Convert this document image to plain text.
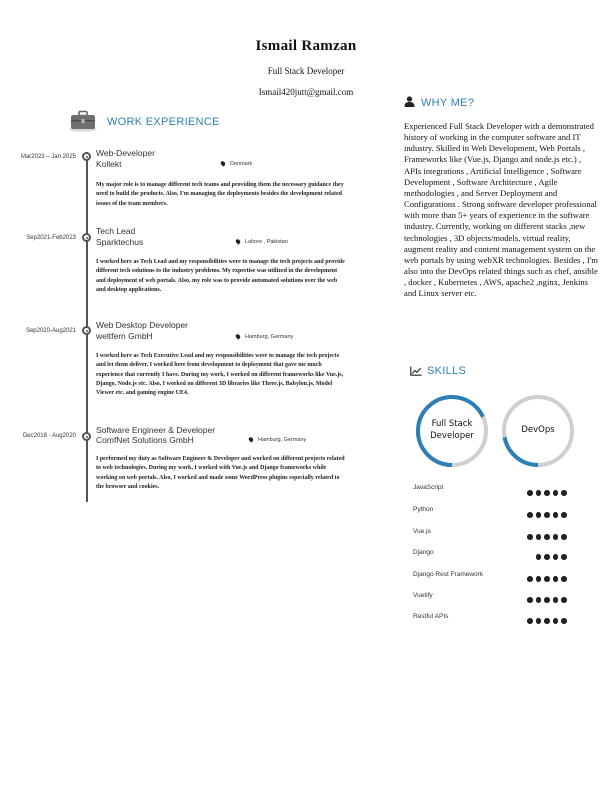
Ismail Ramzan
Full Stack Developer
Ismail420jutt@gmail.com
WORK EXPERIENCE
Mar2023 – Jan 2025 Web-Developer
Kollekt	Denmark
My major role is to manage different tech teams and providing them the necessary guidance they need to build the products. Also, I'm managing the deployments besides the development related issues of the team members.
Sep2021-Feb2023
Tech Lead
Sparktechus	Lahore , Pakistan
I worked here as Tech Lead and my responsibilities were to manage the tech projects and provide different tech solutions to the industry problems. My expertise was utilized in the development and deployment of web portals. Also, my role was to provide automated solutions over the web and desktop applications.
Sep2020-Aug2021
Web Desktop Developer
weltfern GmbH	Hamburg, Germany
I worked here as Tech Executive Lead and my responsibilities were to manage the tech projects and let them deliver. I worked here from development to deployment that gave me much experience that currently I have. During my work, I worked on different frameworks like Vue.js, Django, Node.js etc. Also, I worked on different 3D libraries like Three.js, Babylon.js, Model Viewer etc. and gaming engine UE4.
Dec2018 - Aug2020
Software Engineer & Developer
ComfNet Solutions GmbH	Hamburg, Germany
I performed my duty as Software Engineer & Developer and worked on different projects related to web technologies. During my work, I worked with Vue.js and Django frameworks while working on web portals. Also, I worked and made some WordPress plugins especially related to the browser and cookies.
WHY ME?
Experienced Full Stack Developer with a demonstrated history of working in the computer software and IT industry. Skilled in Web Development, Web Portals , Frameworks like (Vue.js, Django and node.js etc.) , APIs integrations , Artificial Intelligence , Software Development , Software Architecture , Agile methodologies , and Server Deployment and Configurations . Strong software developer professional with more than 5+ years of experience in the software industry. Currently, working on different stacks ,new technologies , 3D objects/models, virtual reality, augment reality and content management system on the web portals by using webXR technologies. Besides , I'm also into the DevOps related things such as chef, ansible , docker , Kubernetes , AWS, apache2 ,nginx, Jenkins and Linux server etc.
SKILLS
Full Stack
Developer
DevOps
JavaScript
Python
Vue.js
Django
Django Rest Framework
Vuetify
Restful APIs
